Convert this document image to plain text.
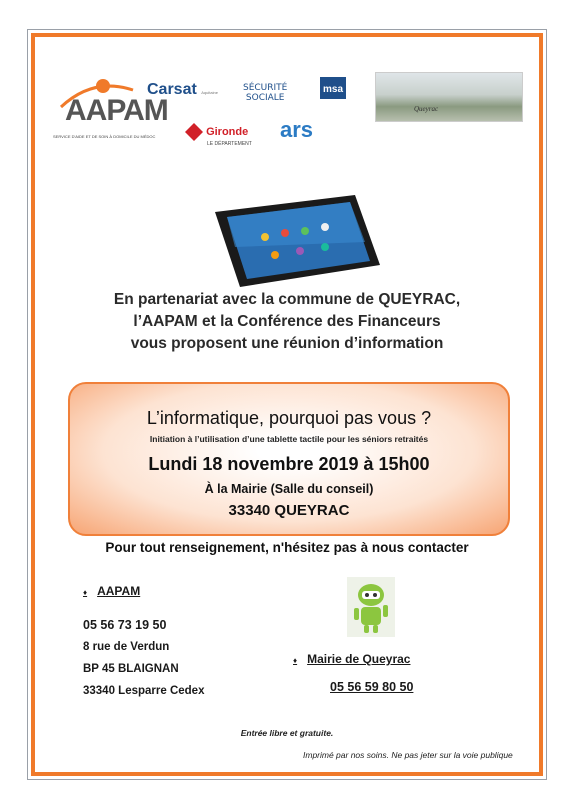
AAPAM
SERVICE D'AIDE ET DE SOIN À DOMICILE DU MÉDOC
Carsat Aquitaine	SÉCURITÉ
SOCIALE
msa
Queyrac
Gironde
LE DÉPARTEMENT
ars
En partenariat avec la commune de QUEYRAC,
l’AAPAM et la Conférence des Financeurs
vous proposent une réunion d’information
L’informatique, pourquoi pas vous ?
Initiation à l’utilisation d’une tablette tactile pour les séniors retraités
Lundi 18 novembre 2019 à 15h00
À la Mairie (Salle du conseil)
33340 QUEYRAC
Pour tout renseignement, n'hésitez pas à nous contacter
♦ AAPAM
05 56 73 19 50
8 rue de Verdun
BP 45 BLAIGNAN
33340 Lesparre Cedex
♦ Mairie de Queyrac
05 56 59 80 50
Entrée libre et gratuite.
Imprimé par nos soins. Ne pas jeter sur la voie publique
